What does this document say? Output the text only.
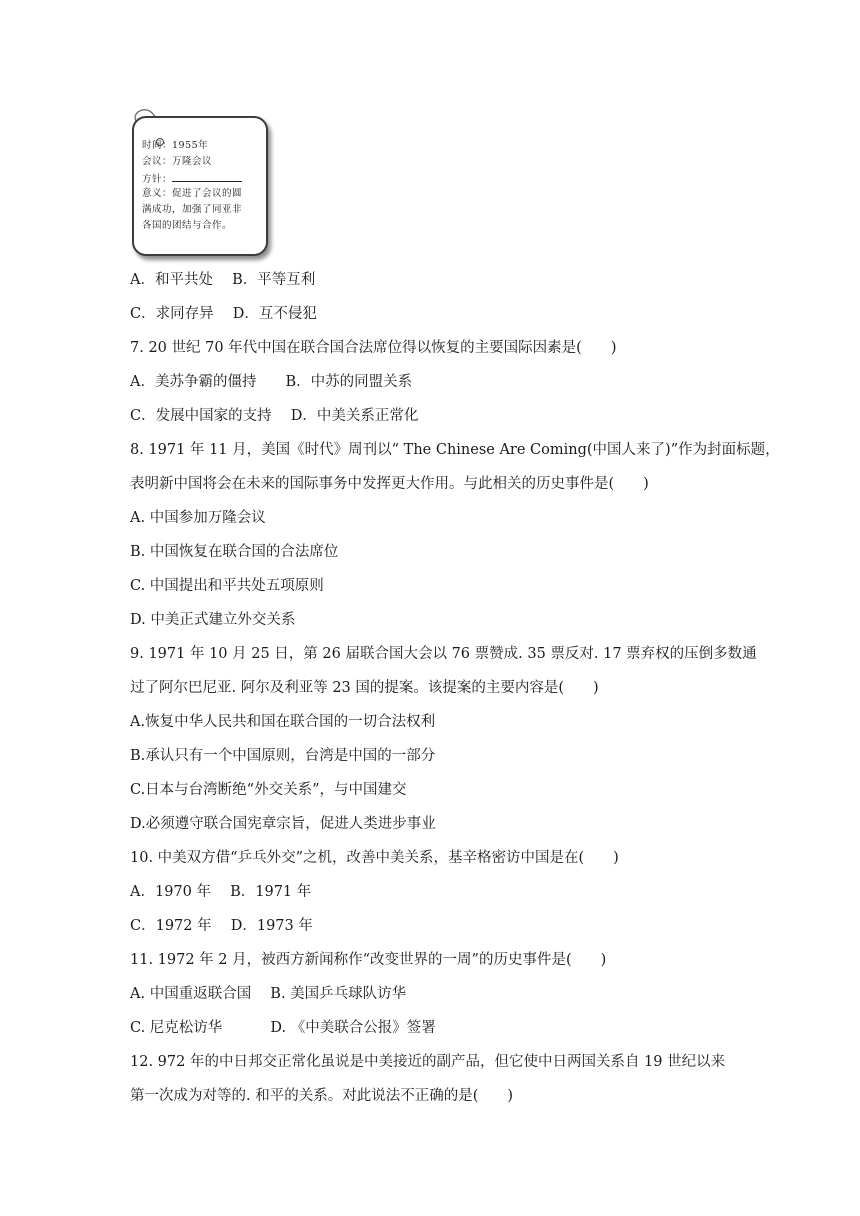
时间：1955年
会议：万隆会议
方针：
意义：促进了会议的圆
满成功，加强了同亚非
各国的团结与合作。
A．和平共处　 B．平等互利
C．求同存异　 D．互不侵犯
7. 20 世纪 70 年代中国在联合国合法席位得以恢复的主要国际因素是(　　)
A．美苏争霸的僵持　　B．中苏的同盟关系
C．发展中国家的支持　 D．中美关系正常化
8. 1971 年 11 月，美国《时代》周刊以“ The Chinese Are Coming(中国人来了)”作为封面标题，
表明新中国将会在未来的国际事务中发挥更大作用。与此相关的历史事件是(　　)
A. 中国参加万隆会议
B. 中国恢复在联合国的合法席位
C. 中国提出和平共处五项原则
D. 中美正式建立外交关系
9. 1971 年 10 月 25 日，第 26 届联合国大会以 76 票赞成. 35 票反对. 17 票弃权的压倒多数通
过了阿尔巴尼亚. 阿尔及利亚等 23 国的提案。该提案的主要内容是(　　)
A.恢复中华人民共和国在联合国的一切合法权利
B.承认只有一个中国原则，台湾是中国的一部分
C.日本与台湾断绝“外交关系”，与中国建交
D.必须遵守联合国宪章宗旨，促进人类进步事业
10. 中美双方借“乒乓外交”之机，改善中美关系，基辛格密访中国是在(　　)
A．1970 年　 B．1971 年
C．1972 年　 D．1973 年
11. 1972 年 2 月，被西方新闻称作“改变世界的一周”的历史事件是(　　)
A. 中国重返联合国　 B. 美国乒乓球队访华
C. 尼克松访华　　　 D. 《中美联合公报》签署
12. 972 年的中日邦交正常化虽说是中美接近的副产品，但它使中日两国关系自 19 世纪以来
第一次成为对等的. 和平的关系。对此说法不正确的是(　　)
